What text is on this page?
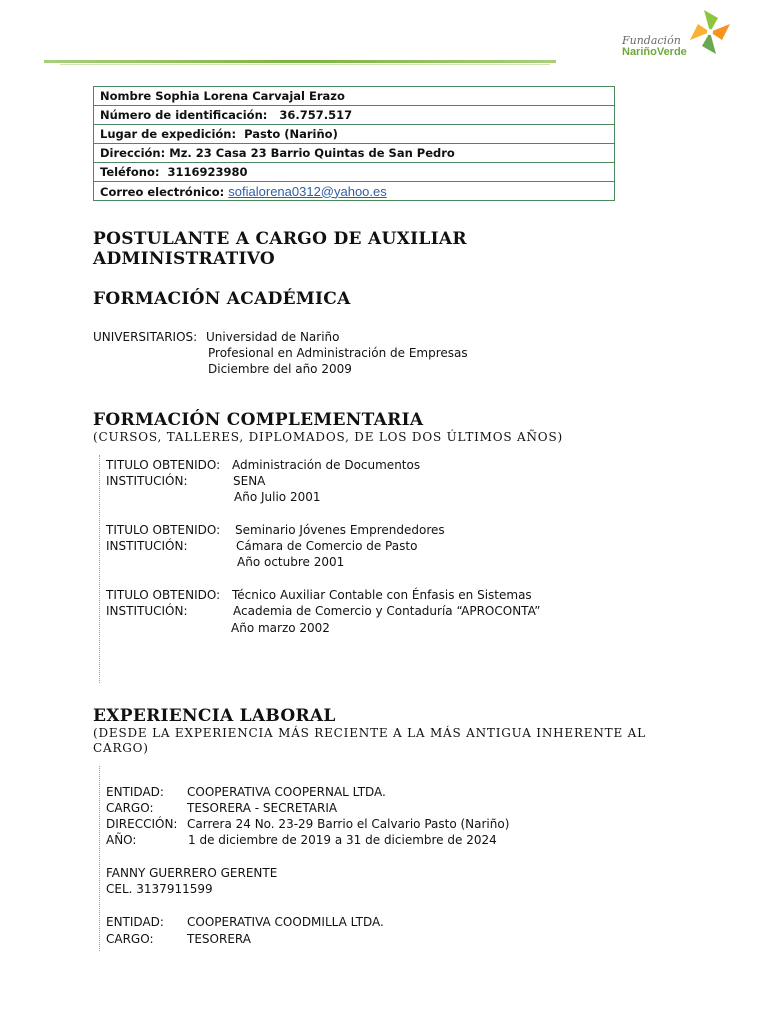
Fundación
NariñoVerde
Nombre Sophia Lorena Carvajal Erazo
Número de identificación: 36.757.517
Lugar de expedición: Pasto (Nariño)
Dirección: Mz. 23 Casa 23 Barrio Quintas de San Pedro
Teléfono: 3116923980
Correo electrónico: sofialorena0312@yahoo.es
POSTULANTE A CARGO DE AUXILIAR ADMINISTRATIVO
FORMACIÓN ACADÉMICA
UNIVERSITARIOS: Universidad de Nariño
Profesional en Administración de Empresas
Diciembre del año 2009
FORMACIÓN COMPLEMENTARIA
(CURSOS, TALLERES, DIPLOMADOS, DE LOS DOS ÚLTIMOS AÑOS)
TITULO OBTENIDO: Administración de Documentos
INSTITUCIÓN:	SENA
Año Julio 2001
TITULO OBTENIDO: Seminario Jóvenes Emprendedores
INSTITUCIÓN:	Cámara de Comercio de Pasto
Año octubre 2001
TITULO OBTENIDO: Técnico Auxiliar Contable con Énfasis en Sistemas
INSTITUCIÓN:	Academia de Comercio y Contaduría “APROCONTA”
Año marzo 2002
EXPERIENCIA LABORAL
(DESDE LA EXPERIENCIA MÁS RECIENTE A LA MÁS ANTIGUA INHERENTE AL CARGO)
ENTIDAD: COOPERATIVA COOPERNAL LTDA.
CARGO:	TESORERA - SECRETARIA
DIRECCIÓN: Carrera 24 No. 23-29 Barrio el Calvario Pasto (Nariño)
AÑO:	1 de diciembre de 2019 a 31 de diciembre de 2024
FANNY GUERRERO GERENTE
CEL. 3137911599
ENTIDAD: COOPERATIVA COODMILLA LTDA.
CARGO:	TESORERA
